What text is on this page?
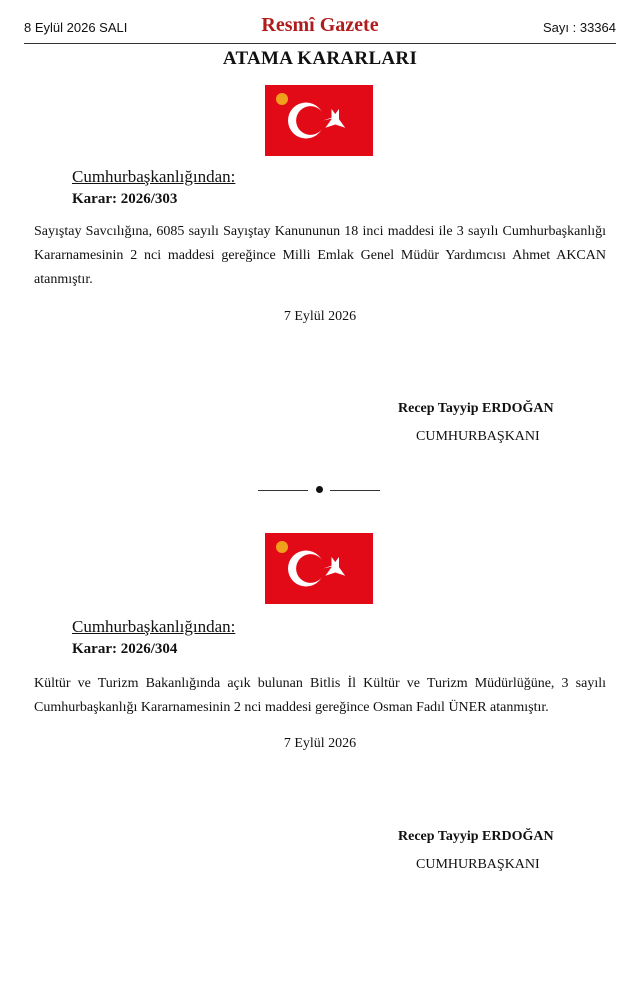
8 Eylül 2026 SALI	Resmî Gazete	Sayı : 33364
ATAMA KARARLARI
Cumhurbaşkanlığından:
Karar: 2026/303
Sayıştay Savcılığına, 6085 sayılı Sayıştay Kanununun 18 inci maddesi ile 3 sayılı Cumhurbaşkanlığı Kararnamesinin 2 nci maddesi gereğince Milli Emlak Genel Müdür Yardımcısı Ahmet AKCAN atanmıştır.
7 Eylül 2026
Recep Tayyip ERDOĞAN
CUMHURBAŞKANI
Cumhurbaşkanlığından:
Karar: 2026/304
Kültür ve Turizm Bakanlığında açık bulunan Bitlis İl Kültür ve Turizm Müdürlüğüne, 3 sayılı Cumhurbaşkanlığı Kararnamesinin 2 nci maddesi gereğince Osman Fadıl ÜNER atanmıştır.
7 Eylül 2026
Recep Tayyip ERDOĞAN
CUMHURBAŞKANI
